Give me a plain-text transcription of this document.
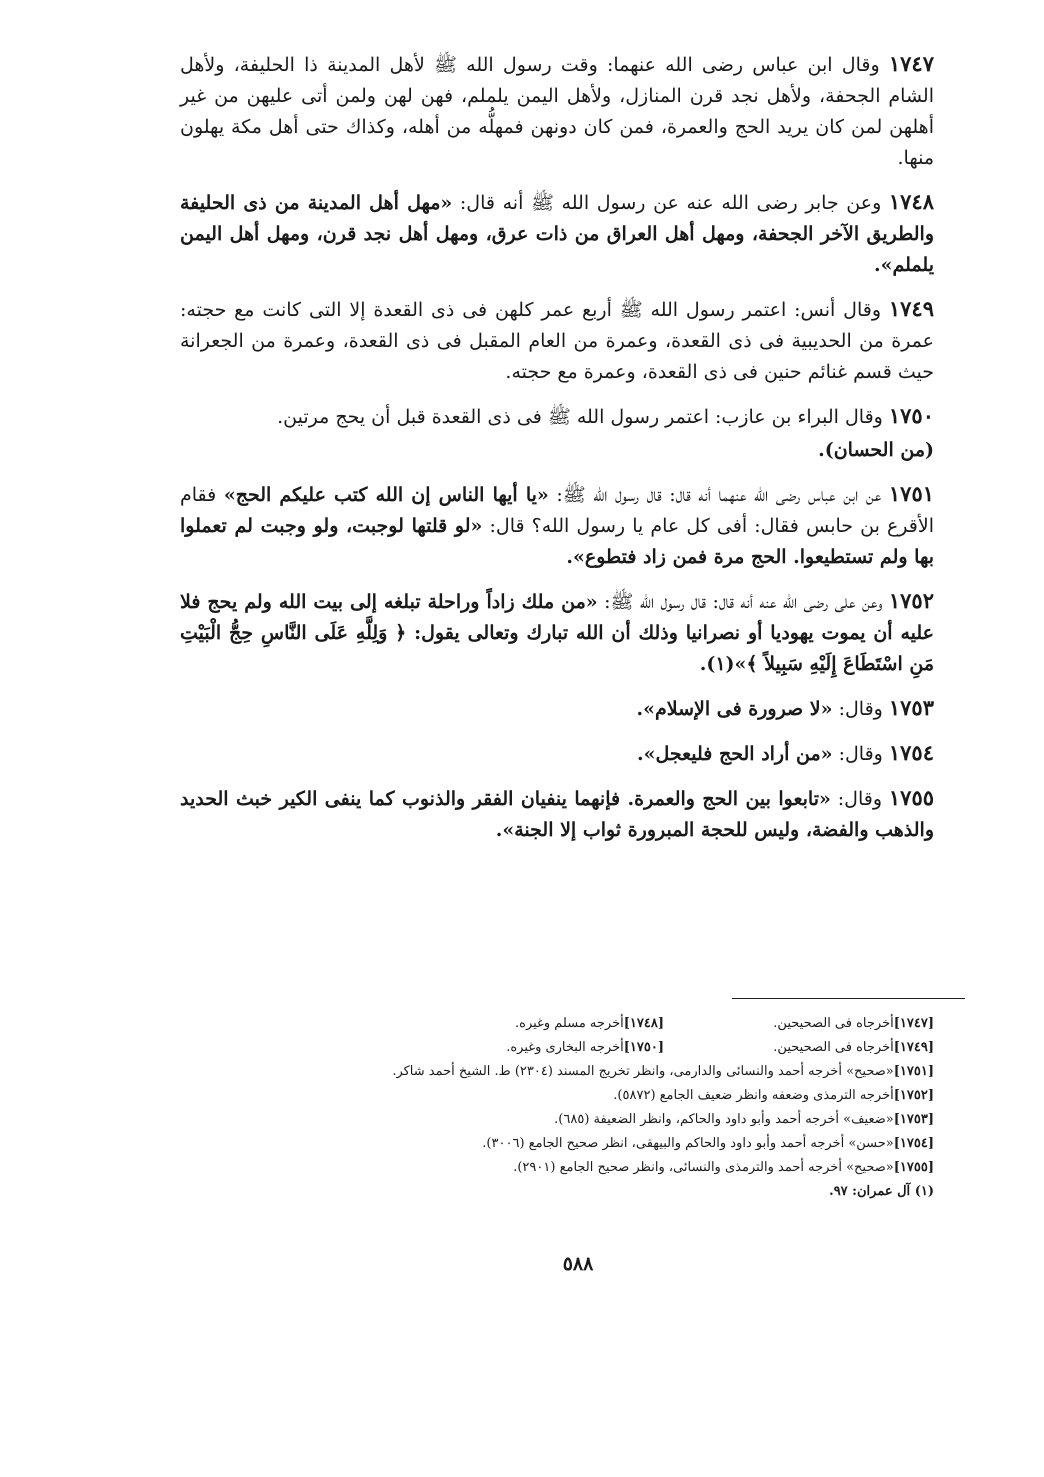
١٧٤٧ وقال ابن عباس رضى الله عنهما: وقت رسول الله ﷺ لأهل المدينة ذا الحليفة، ولأهل الشام الجحفة، ولأهل نجد قرن المنازل، ولأهل اليمن يلملم، فهن لهن ولمن أتى عليهن من غير أهلهن لمن كان يريد الحج والعمرة، فمن كان دونهن فمهلُّه من أهله، وكذاك حتى أهل مكة يهلون منها.

١٧٤٨ وعن جابر رضى الله عنه عن رسول الله ﷺ أنه قال: «مهل أهل المدينة من ذى الحليفة والطريق الآخر الجحفة، ومهل أهل العراق من ذات عرق، ومهل أهل نجد قرن، ومهل أهل اليمن يلملم».

١٧٤٩ وقال أنس: اعتمر رسول الله ﷺ أربع عمر كلهن فى ذى القعدة إلا التى كانت مع حجته: عمرة من الحديبية فى ذى القعدة، وعمرة من العام المقبل فى ذى القعدة، وعمرة من الجعرانة حيث قسم غنائم حنين فى ذى القعدة، وعمرة مع حجته.

١٧٥٠ وقال البراء بن عازب: اعتمر رسول الله ﷺ فى ذى القعدة قبل أن يحج مرتين.

(من الحسان).

١٧٥١ عن ابن عباس رضى الله عنهما أنه قال: قال رسول الله ﷺ: «يا أيها الناس إن الله كتب عليكم الحج» فقام الأقرع بن حابس فقال: أفى كل عام يا رسول الله؟ قال: «لو قلتها لوجبت، ولو وجبت لم تعملوا بها ولم تستطيعوا. الحج مرة فمن زاد فتطوع».

١٧٥٢ وعن على رضى الله عنه أنه قال: قال رسول الله ﷺ: «من ملك زاداً وراحلة تبلغه إلى بيت الله ولم يحج فلا عليه أن يموت يهوديا أو نصرانيا وذلك أن الله تبارك وتعالى يقول: ﴿ وَلِلَّهِ عَلَى النَّاسِ حِجُّ الْبَيْتِ مَنِ اسْتَطَاعَ إِلَيْهِ سَبِيلاً ﴾»(١).

١٧٥٣ وقال: «لا صرورة فى الإسلام».

١٧٥٤ وقال: «من أراد الحج فليعجل».

١٧٥٥ وقال: «تابعوا بين الحج والعمرة. فإنهما ينفيان الفقر والذنوب كما ينفى الكير خبث الحديد والذهب والفضة، وليس للحجة المبرورة ثواب إلا الجنة».

[١٧٤٧]أخرجاه فى الصحيحين.
[١٧٤٨]أخرجه مسلم وغيره.
[١٧٤٩]أخرجاه فى الصحيحين.
[١٧٥٠]أخرجه البخارى وغيره.
[١٧٥١]«صحيح» أخرجه أحمد والنسائى والدارمى، وانظر تخريج المسند (٢٣٠٤) ط. الشيخ أحمد شاكر.
[١٧٥٢]أخرجه الترمذى وضعفه وانظر ضعيف الجامع (٥٨٧٢).
[١٧٥٣]«ضعيف» أخرجه أحمد وأبو داود والحاكم، وانظر الضعيفة (٦٨٥).
[١٧٥٤]«حسن» أخرجه أحمد وأبو داود والحاكم والبيهقى، انظر صحيح الجامع (٣٠٠٦).
[١٧٥٥]«صحيح» أخرجه أحمد والترمذى والنسائى، وانظر صحيح الجامع (٢٩٠١).
(١) آل عمران: ٩٧.
٥٨٨
